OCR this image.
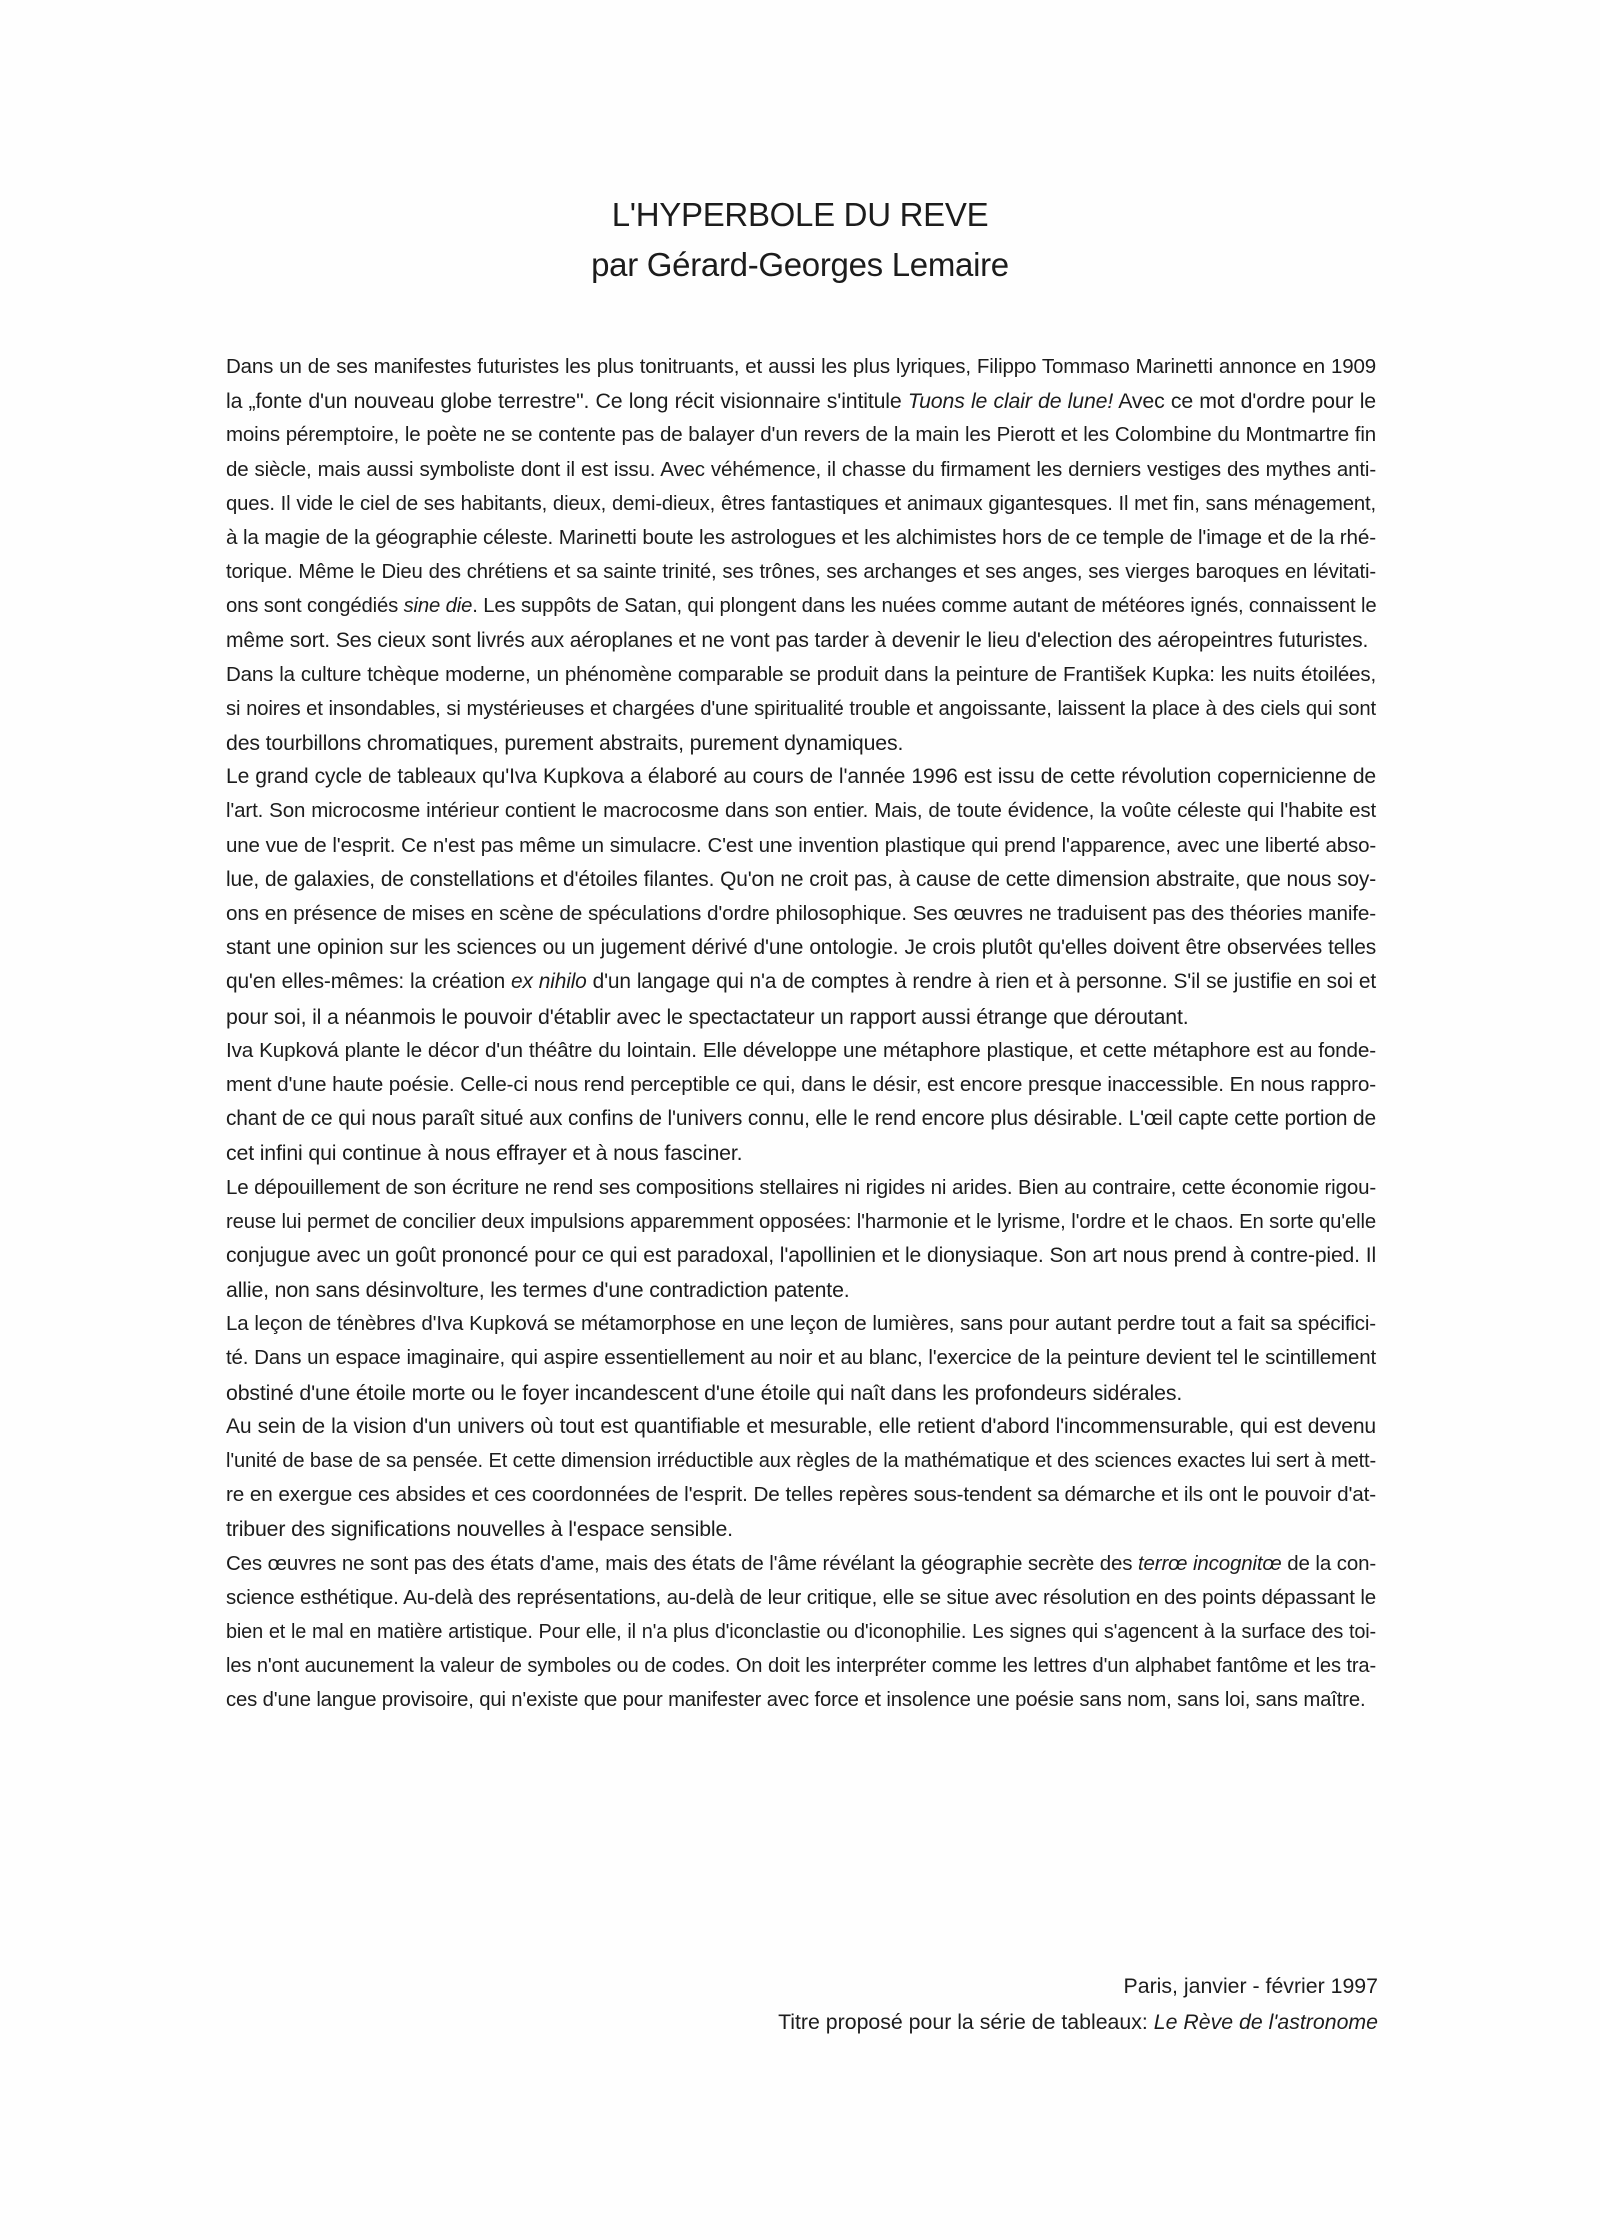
L'HYPERBOLE DU REVE
par Gérard-Georges Lemaire
Dans un de ses manifestes futuristes les plus tonitruants, et aussi les plus lyriques, Filippo Tommaso Marinetti annonce en 1909
la „fonte d'un nouveau globe terrestre". Ce long récit visionnaire s'intitule Tuons le clair de lune! Avec ce mot d'ordre pour le
moins péremptoire, le poète ne se contente pas de balayer d'un revers de la main les Pierott et les Colombine du Montmartre fin
de siècle, mais aussi symboliste dont il est issu. Avec véhémence, il chasse du firmament les derniers vestiges des mythes anti-
ques. Il vide le ciel de ses habitants, dieux, demi-dieux, êtres fantastiques et animaux gigantesques. Il met fin, sans ménagement,
à la magie de la géographie céleste. Marinetti boute les astrologues et les alchimistes hors de ce temple de l'image et de la rhé-
torique. Même le Dieu des chrétiens et sa sainte trinité, ses trônes, ses archanges et ses anges, ses vierges baroques en lévitati-
ons sont congédiés sine die. Les suppôts de Satan, qui plongent dans les nuées comme autant de météores ignés, connaissent le
même sort. Ses cieux sont livrés aux aéroplanes et ne vont pas tarder à devenir le lieu d'election des aéropeintres futuristes.
Dans la culture tchèque moderne, un phénomène comparable se produit dans la peinture de František Kupka: les nuits étoilées,
si noires et insondables, si mystérieuses et chargées d'une spiritualité trouble et angoissante, laissent la place à des ciels qui sont
des tourbillons chromatiques, purement abstraits, purement dynamiques.
Le grand cycle de tableaux qu'Iva Kupkova a élaboré au cours de l'année 1996 est issu de cette révolution copernicienne de
l'art. Son microcosme intérieur contient le macrocosme dans son entier. Mais, de toute évidence, la voûte céleste qui l'habite est
une vue de l'esprit. Ce n'est pas même un simulacre. C'est une invention plastique qui prend l'apparence, avec une liberté abso-
lue, de galaxies, de constellations et d'étoiles filantes. Qu'on ne croit pas, à cause de cette dimension abstraite, que nous soy-
ons en présence de mises en scène de spéculations d'ordre philosophique. Ses œuvres ne traduisent pas des théories manife-
stant une opinion sur les sciences ou un jugement dérivé d'une ontologie. Je crois plutôt qu'elles doivent être observées telles
qu'en elles-mêmes: la création ex nihilo d'un langage qui n'a de comptes à rendre à rien et à personne. S'il se justifie en soi et
pour soi, il a néanmois le pouvoir d'établir avec le spectactateur un rapport aussi étrange que déroutant.
Iva Kupková plante le décor d'un théâtre du lointain. Elle développe une métaphore plastique, et cette métaphore est au fonde-
ment d'une haute poésie. Celle-ci nous rend perceptible ce qui, dans le désir, est encore presque inaccessible. En nous rappro-
chant de ce qui nous paraît situé aux confins de l'univers connu, elle le rend encore plus désirable. L'œil capte cette portion de
cet infini qui continue à nous effrayer et à nous fasciner.
Le dépouillement de son écriture ne rend ses compositions stellaires ni rigides ni arides. Bien au contraire, cette économie rigou-
reuse lui permet de concilier deux impulsions apparemment opposées: l'harmonie et le lyrisme, l'ordre et le chaos. En sorte qu'elle
conjugue avec un goût prononcé pour ce qui est paradoxal, l'apollinien et le dionysiaque. Son art nous prend à contre-pied. Il
allie, non sans désinvolture, les termes d'une contradiction patente.
La leçon de ténèbres d'Iva Kupková se métamorphose en une leçon de lumières, sans pour autant perdre tout a fait sa spécifici-
té. Dans un espace imaginaire, qui aspire essentiellement au noir et au blanc, l'exercice de la peinture devient tel le scintillement
obstiné d'une étoile morte ou le foyer incandescent d'une étoile qui naît dans les profondeurs sidérales.
Au sein de la vision d'un univers où tout est quantifiable et mesurable, elle retient d'abord l'incommensurable, qui est devenu
l'unité de base de sa pensée. Et cette dimension irréductible aux règles de la mathématique et des sciences exactes lui sert à mett-
re en exergue ces absides et ces coordonnées de l'esprit. De telles repères sous-tendent sa démarche et ils ont le pouvoir d'at-
tribuer des significations nouvelles à l'espace sensible.
Ces œuvres ne sont pas des états d'ame, mais des états de l'âme révélant la géographie secrète des terrœ incognitœ de la con-
science esthétique. Au-delà des représentations, au-delà de leur critique, elle se situe avec résolution en des points dépassant le
bien et le mal en matière artistique. Pour elle, il n'a plus d'iconclastie ou d'iconophilie. Les signes qui s'agencent à la surface des toi-
les n'ont aucunement la valeur de symboles ou de codes. On doit les interpréter comme les lettres d'un alphabet fantôme et les tra-
ces d'une langue provisoire, qui n'existe que pour manifester avec force et insolence une poésie sans nom, sans loi, sans maître.
Paris, janvier - février 1997
Titre proposé pour la série de tableaux: Le Rève de l'astronome
